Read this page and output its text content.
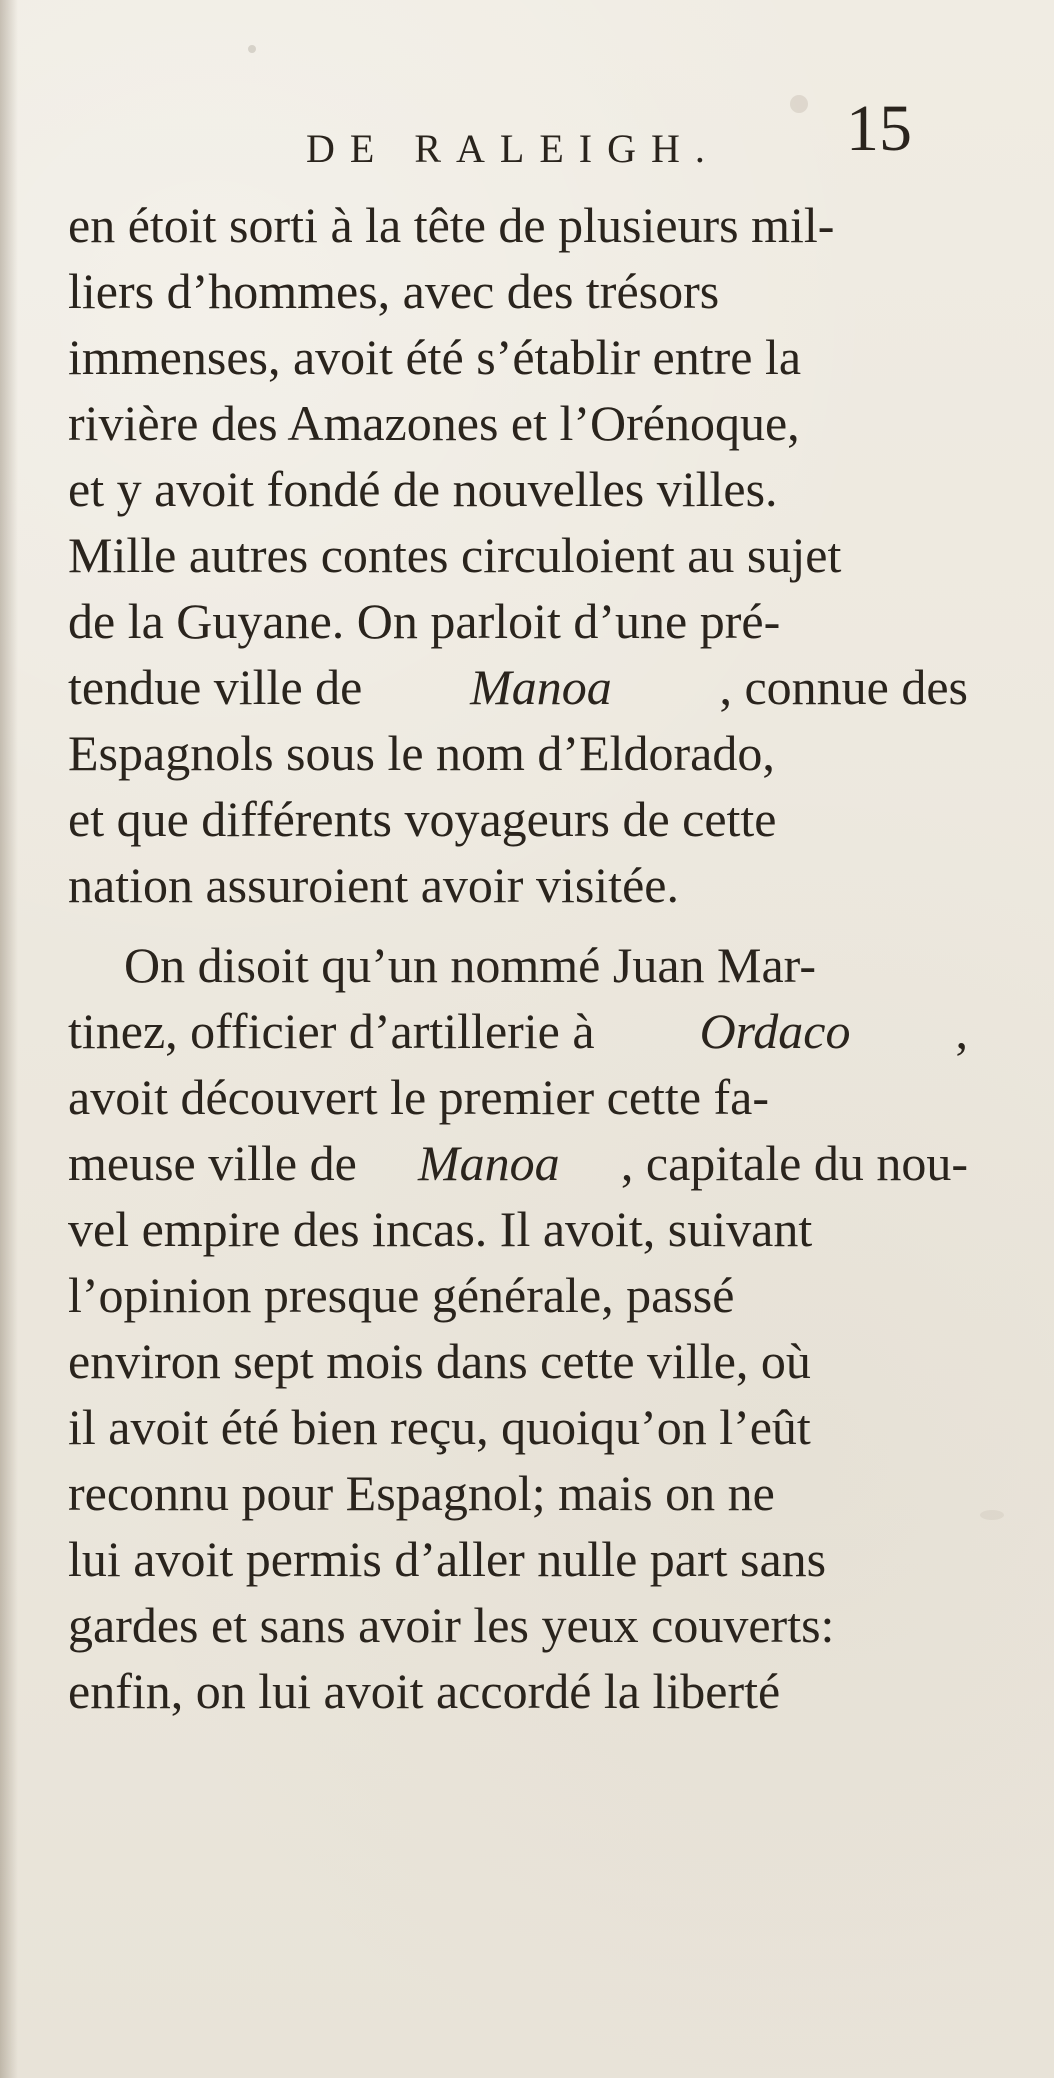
DE RALEIGH. 15
en étoit sorti à la tête de plusieurs mil-
liers d’hommes, avec des trésors
immenses, avoit été s’établir entre la
rivière des Amazones et l’Orénoque,
et y avoit fondé de nouvelles villes.
Mille autres contes circuloient au sujet
de la Guyane. On parloit d’une pré-
tendue ville de Manoa , connue des
Espagnols sous le nom d’Eldorado,
et que différents voyageurs de cette
nation assuroient avoir visitée.
On disoit qu’un nommé Juan Mar-
tinez, officier d’artillerie à Ordaco ,
avoit découvert le premier cette fa-
meuse ville de Manoa , capitale du nou-
vel empire des incas. Il avoit, suivant
l’opinion presque générale, passé
environ sept mois dans cette ville, où
il avoit été bien reçu, quoiqu’on l’eût
reconnu pour Espagnol; mais on ne
lui avoit permis d’aller nulle part sans
gardes et sans avoir les yeux couverts:
enfin, on lui avoit accordé la liberté
